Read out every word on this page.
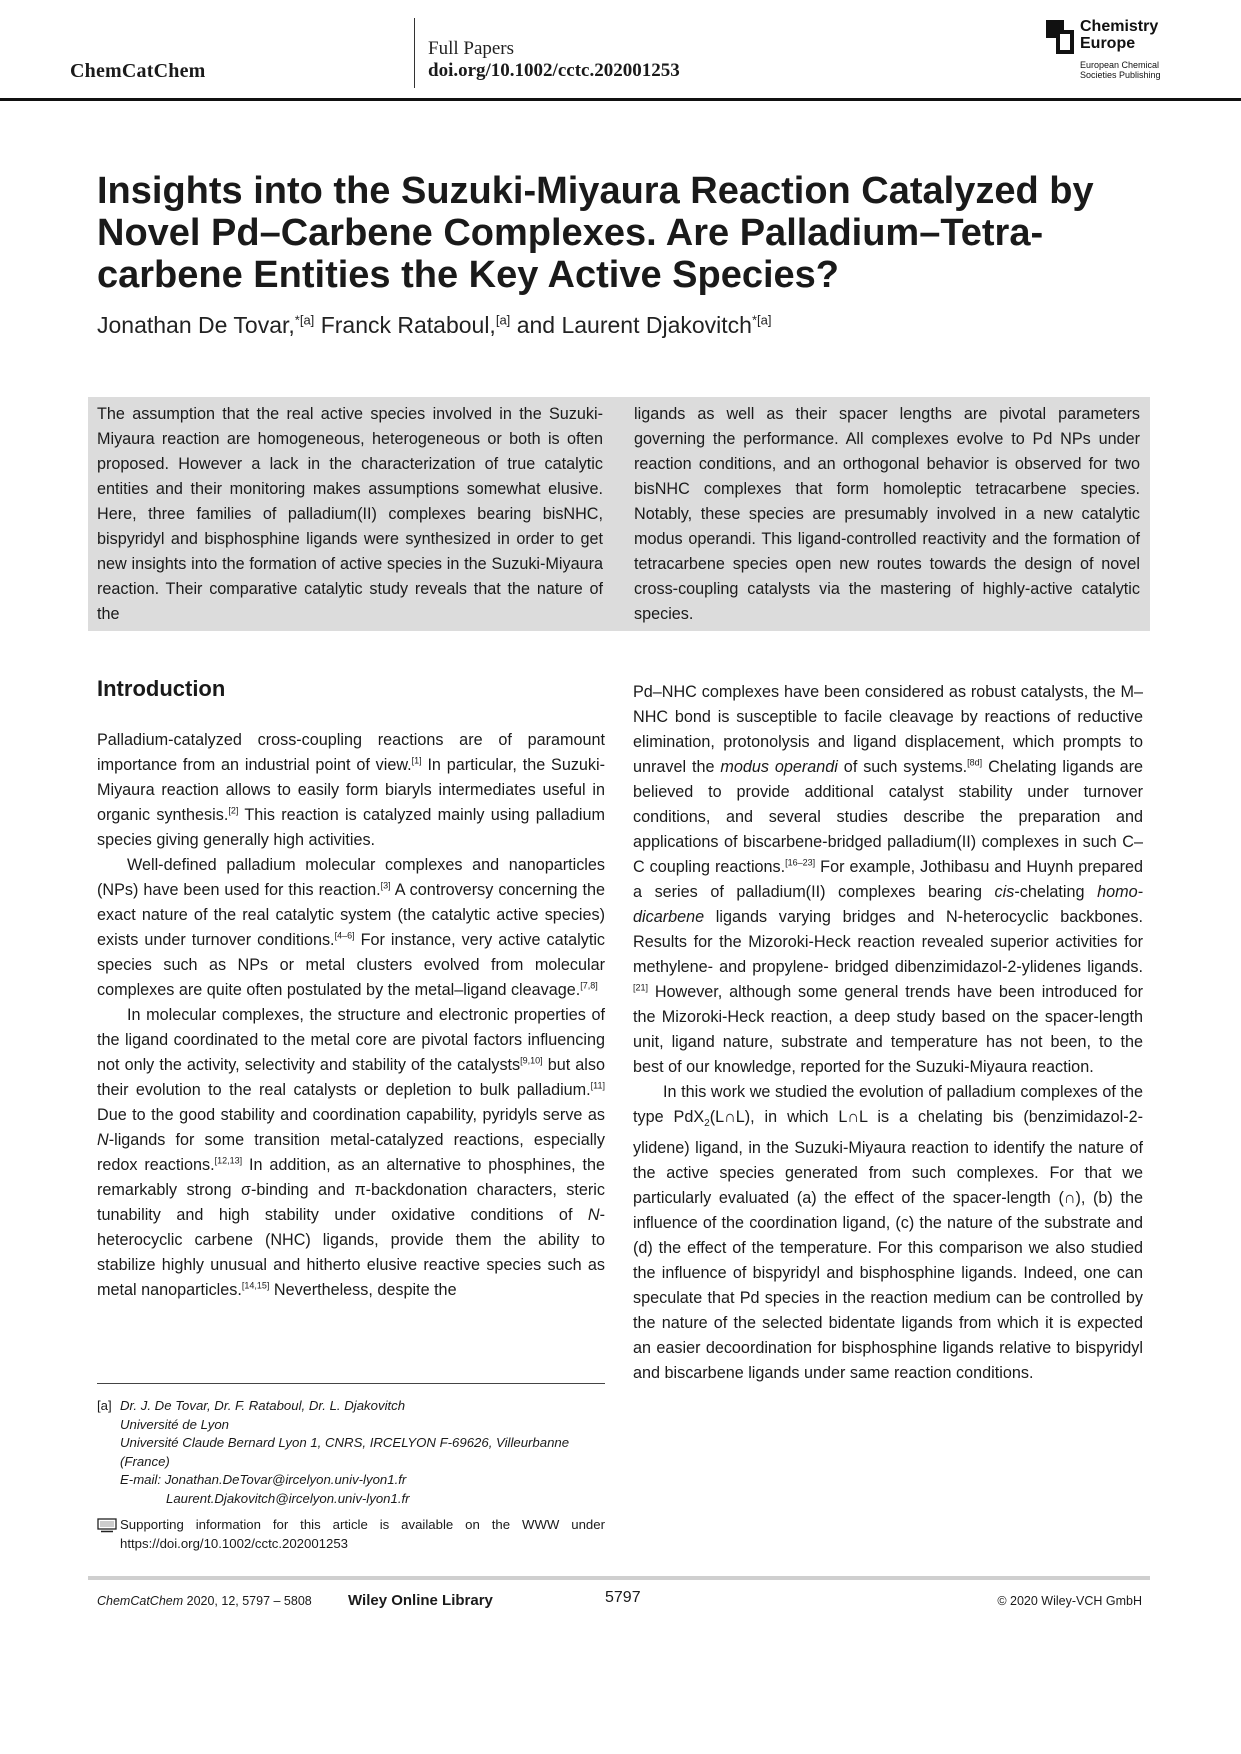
ChemCatChem
Full Papers
doi.org/10.1002/cctc.202001253
Chemistry
Europe
European Chemical
Societies Publishing
Insights into the Suzuki-Miyaura Reaction Catalyzed by
Novel Pd–Carbene Complexes. Are Palladium–Tetra-
carbene Entities the Key Active Species?
Jonathan De Tovar,$^{*[a]}$ Franck Rataboul,[a] and Laurent Djakovitch$^{*[a]}$
The assumption that the real active species involved in the Suzuki-Miyaura reaction are homogeneous, heterogeneous or both is often proposed. However a lack in the characterization of true catalytic entities and their monitoring makes assumptions somewhat elusive. Here, three families of palladium(II) complexes bearing bisNHC, bispyridyl and bisphosphine ligands were synthesized in order to get new insights into the formation of active species in the Suzuki-Miyaura reaction. Their comparative catalytic study reveals that the nature of the
ligands as well as their spacer lengths are pivotal parameters governing the performance. All complexes evolve to Pd NPs under reaction conditions, and an orthogonal behavior is observed for two bisNHC complexes that form homoleptic tetracarbene species. Notably, these species are presumably involved in a new catalytic modus operandi. This ligand-controlled reactivity and the formation of tetracarbene species open new routes towards the design of novel cross-coupling catalysts via the mastering of highly-active catalytic species.
Introduction

Palladium-catalyzed cross-coupling reactions are of paramount importance from an industrial point of view.[1] In particular, the Suzuki-Miyaura reaction allows to easily form biaryls intermediates useful in organic synthesis.[2] This reaction is catalyzed mainly using palladium species giving generally high activities.

Well-defined palladium molecular complexes and nanoparticles (NPs) have been used for this reaction.[3] A controversy concerning the exact nature of the real catalytic system (the catalytic active species) exists under turnover conditions.[4–6] For instance, very active catalytic species such as NPs or metal clusters evolved from molecular complexes are quite often postulated by the metal–ligand cleavage.[7,8]

In molecular complexes, the structure and electronic properties of the ligand coordinated to the metal core are pivotal factors influencing not only the activity, selectivity and stability of the catalysts[9,10] but also their evolution to the real catalysts or depletion to bulk palladium.[11] Due to the good stability and coordination capability, pyridyls serve as N-ligands for some transition metal-catalyzed reactions, especially redox reactions.[12,13] In addition, as an alternative to phosphines, the remarkably strong σ-binding and π-backdonation characters, steric tunability and high stability under oxidative conditions of N- heterocyclic carbene (NHC) ligands, provide them the ability to stabilize highly unusual and hitherto elusive reactive species such as metal nanoparticles.[14,15] Nevertheless, despite the

Pd–NHC complexes have been considered as robust catalysts, the M–NHC bond is susceptible to facile cleavage by reactions of reductive elimination, protonolysis and ligand displacement, which prompts to unravel the modus operandi of such systems.[8d] Chelating ligands are believed to provide additional catalyst stability under turnover conditions, and several studies describe the preparation and applications of biscarbene-bridged palladium(II) complexes in such C–C coupling reactions.[16–23] For example, Jothibasu and Huynh prepared a series of palladium(II) complexes bearing cis-chelating homo-dicarbene ligands varying bridges and N-heterocyclic backbones. Results for the Mizoroki-Heck reaction revealed superior activities for methylene- and propylene- bridged dibenzimidazol-2-ylidenes ligands.[21] However, although some general trends have been introduced for the Mizoroki-Heck reaction, a deep study based on the spacer-length unit, ligand nature, substrate and temperature has not been, to the best of our knowledge, reported for the Suzuki-Miyaura reaction.

In this work we studied the evolution of palladium complexes of the type PdX$_2$(L∩L), in which L∩L is a chelating bis (benzimidazol-2-ylidene) ligand, in the Suzuki-Miyaura reaction to identify the nature of the active species generated from such complexes. For that we particularly evaluated (a) the effect of the spacer-length (∩), (b) the influence of the coordination ligand, (c) the nature of the substrate and (d) the effect of the temperature. For this comparison we also studied the influence of bispyridyl and bisphosphine ligands. Indeed, one can speculate that Pd species in the reaction medium can be controlled by the nature of the selected bidentate ligands from which it is expected an easier decoordination for bisphosphine ligands relative to bispyridyl and biscarbene ligands under same reaction conditions.

[a] Dr. J. De Tovar, Dr. F. Rataboul, Dr. L. Djakovitch
Université de Lyon
Université Claude Bernard Lyon 1, CNRS, IRCELYON F-69626, Villeurbanne
(France)
E-mail: Jonathan.DeTovar@ircelyon.univ-lyon1.fr
Laurent.Djakovitch@ircelyon.univ-lyon1.fr
Supporting information for this article is available on the WWW under https://doi.org/10.1002/cctc.202001253
ChemCatChem 2020, 12, 5797 – 5808 Wiley Online Library	5797	© 2020 Wiley-VCH GmbH
